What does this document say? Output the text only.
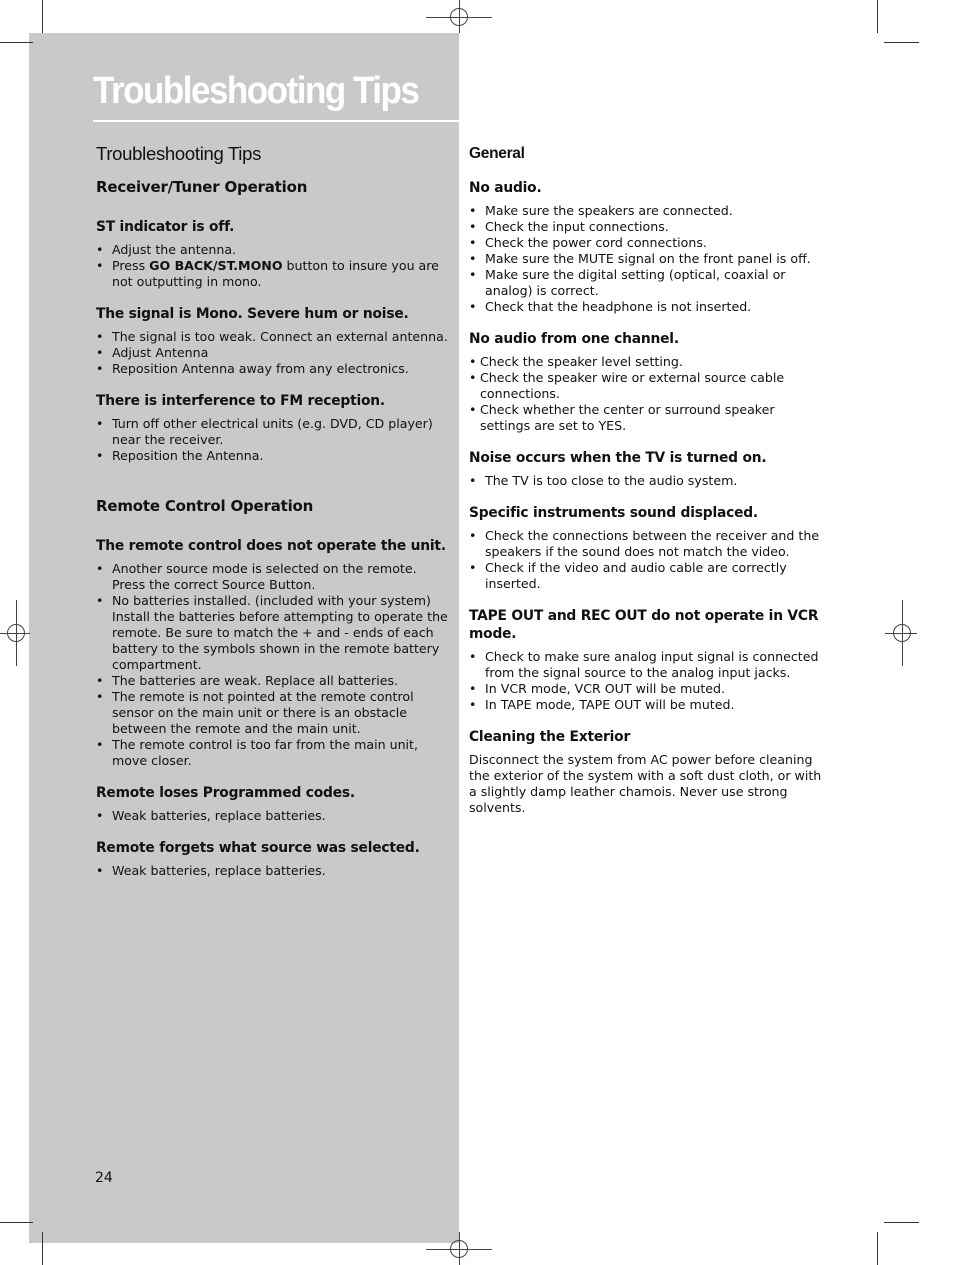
Troubleshooting Tips
Troubleshooting Tips
Receiver/Tuner Operation
ST indicator is off.
• Adjust the antenna.
• Press GO BACK/ST.MONO button to insure you are not outputting in mono.
The signal is Mono. Severe hum or noise.
• The signal is too weak. Connect an external antenna.
• Adjust Antenna
• Reposition Antenna away from any electronics.
There is interference to FM reception.
• Turn off other electrical units (e.g. DVD, CD player) near the receiver.
• Reposition the Antenna.
Remote Control Operation
The remote control does not operate the unit.
• Another source mode is selected on the remote. Press the correct Source Button.
• No batteries installed. (included with your system) Install the batteries before attempting to operate the remote. Be sure to match the + and - ends of each battery to the symbols shown in the remote battery compartment.
• The batteries are weak. Replace all batteries.
• The remote is not pointed at the remote control sensor on the main unit or there is an obstacle between the remote and the main unit.
• The remote control is too far from the main unit, move closer.
Remote loses Programmed codes.
• Weak batteries, replace batteries.
Remote forgets what source was selected.
• Weak batteries, replace batteries.
General
No audio.
• Make sure the speakers are connected.
• Check the input connections.
• Check the power cord connections.
• Make sure the MUTE signal on the front panel is off.
• Make sure the digital setting (optical, coaxial or analog) is correct.
• Check that the headphone is not inserted.
No audio from one channel.
• Check the speaker level setting.
• Check the speaker wire or external source cable connections.
• Check whether the center or surround speaker settings are set to YES.
Noise occurs when the TV is turned on.
• The TV is too close to the audio system.
Specific instruments sound displaced.
• Check the connections between the receiver and the speakers if the sound does not match the video.
• Check if the video and audio cable are correctly inserted.
TAPE OUT and REC OUT do not operate in VCR mode.
• Check to make sure analog input signal is connected from the signal source to the analog input jacks.
• In VCR mode, VCR OUT will be muted.
• In TAPE mode, TAPE OUT will be muted.
Cleaning the Exterior

Disconnect the system from AC power before cleaning the exterior of the system with a soft dust cloth, or with a slightly damp leather chamois. Never use strong solvents.

24
